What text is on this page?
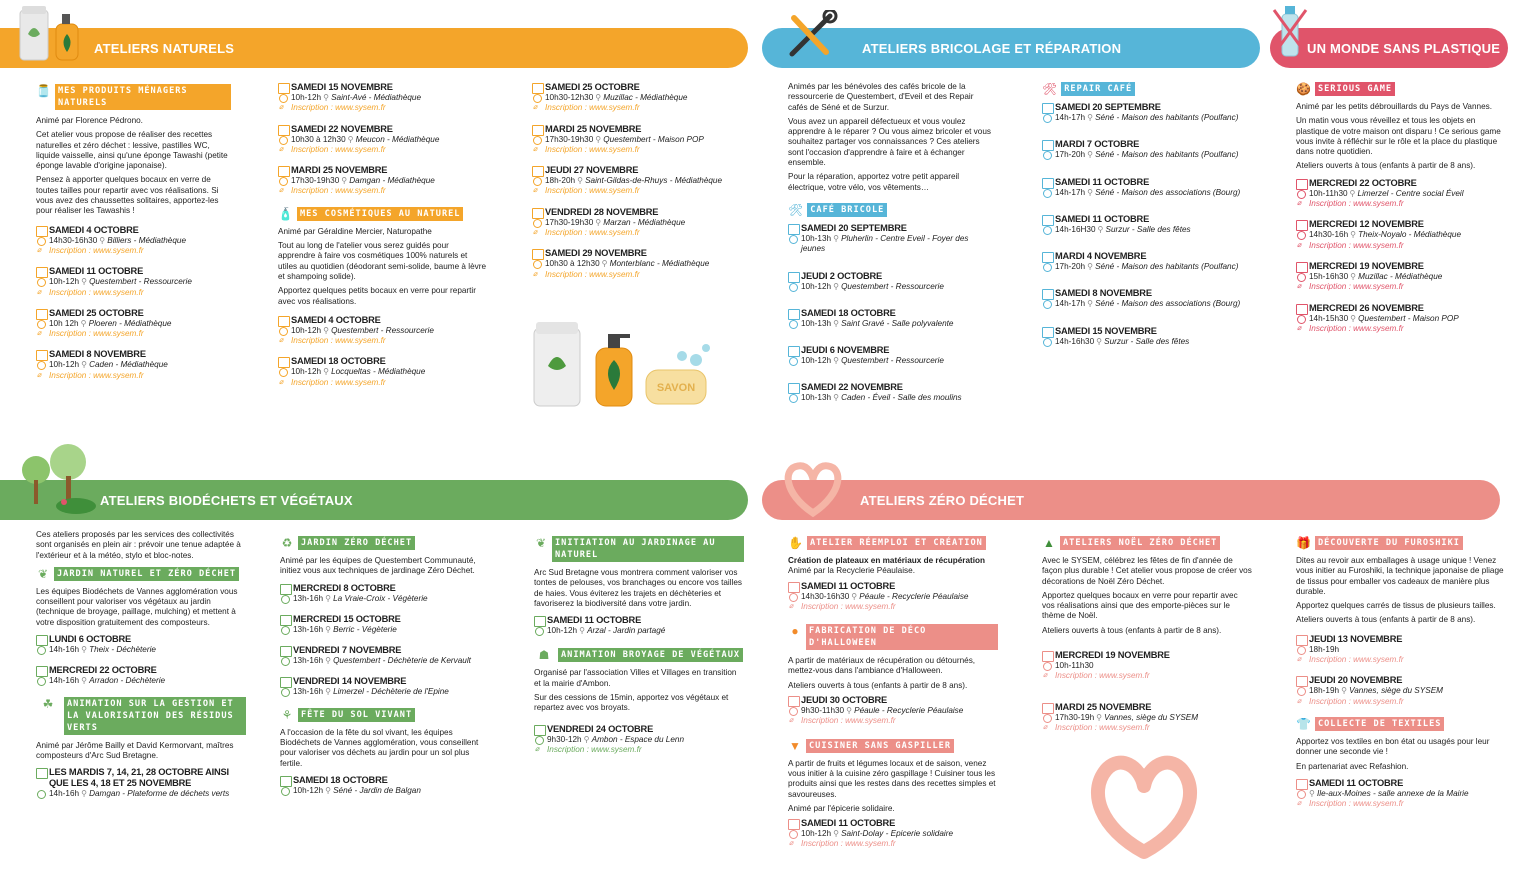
ATELIERS NATURELS	ATELIERS BRICOLAGE ET RÉPARATION	UN MONDE SANS PLASTIQUE
ATELIERS BIODÉCHETS ET VÉGÉTAUX	ATELIERS ZÉRO DÉCHET
🫙 MES PRODUITS MÉNAGERS NATURELS
Animé par Florence Pédrono.
Cet atelier vous propose de réaliser des recettes naturelles et zéro déchet : lessive, pastilles WC, liquide vaisselle, ainsi qu'une éponge Tawashi (petite éponge lavable d'origine japonaise).
Pensez à apporter quelques bocaux en verre de toutes tailles pour repartir avec vos réalisations. Si vous avez des chaussettes solitaires, apportez-les pour réaliser les Tawashis !
SAMEDI 4 OCTOBRE
14h30-16h30 ⚲ Billiers - Médiathèque
⌀ Inscription : www.sysem.fr
SAMEDI 11 OCTOBRE
10h-12h ⚲ Questembert - Ressourcerie
⌀ Inscription : www.sysem.fr
SAMEDI 25 OCTOBRE
10h 12h ⚲ Ploeren - Médiathèque
⌀ Inscription : www.sysem.fr
SAMEDI 8 NOVEMBRE
10h-12h ⚲ Caden - Médiathèque
⌀ Inscription : www.sysem.fr
SAMEDI 15 NOVEMBRE
10h-12h ⚲ Saint-Avé - Médiathèque
⌀ Inscription : www.sysem.fr
SAMEDI 22 NOVEMBRE
10h30 à 12h30 ⚲ Meucon - Médiathèque
⌀ Inscription : www.sysem.fr
MARDI 25 NOVEMBRE
17h30-19h30 ⚲ Damgan - Médiathèque
⌀ Inscription : www.sysem.fr
🧴 MES COSMÉTIQUES AU NATUREL
Animé par Géraldine Mercier, Naturopathe
Tout au long de l'atelier vous serez guidés pour apprendre à faire vos cosmétiques 100% naturels et utiles au quotidien (déodorant semi-solide, baume à lèvre et shampoing solide).
Apportez quelques petits bocaux en verre pour repartir avec vos réalisations.
SAMEDI 4 OCTOBRE
10h-12h ⚲ Questembert - Ressourcerie
⌀ Inscription : www.sysem.fr
SAMEDI 18 OCTOBRE
10h-12h ⚲ Locqueltas - Médiathèque
⌀ Inscription : www.sysem.fr
SAMEDI 25 OCTOBRE
10h30-12h30 ⚲ Muzillac - Médiathèque
⌀ Inscription : www.sysem.fr
MARDI 25 NOVEMBRE
17h30-19h30 ⚲ Questembert - Maison POP
⌀ Inscription : www.sysem.fr
JEUDI 27 NOVEMBRE
18h-20h ⚲ Saint-Gildas-de-Rhuys - Médiathèque
⌀ Inscription : www.sysem.fr
VENDREDI 28 NOVEMBRE
17h30-19h30 ⚲ Marzan - Médiathèque
⌀ Inscription : www.sysem.fr
SAMEDI 29 NOVEMBRE
10h30 à 12h30 ⚲ Monterblanc - Médiathèque
⌀ Inscription : www.sysem.fr
SAVON
Animés par les bénévoles des cafés bricole de la ressourcerie de Questembert, d'Eveil et des Repair cafés de Séné et de Surzur.
Vous avez un appareil défectueux et vous voulez apprendre à le réparer ? Ou vous aimez bricoler et vous souhaitez partager vos connaissances ? Ces ateliers sont l'occasion d'apprendre à faire et à échanger ensemble.
Pour la réparation, apportez votre petit appareil électrique, votre vélo, vos vêtements…
🛠 CAFÉ BRICOLE
SAMEDI 20 SEPTEMBRE
10h-13h ⚲ Pluherlin - Centre Eveil - Foyer des jeunes
JEUDI 2 OCTOBRE
10h-12h ⚲ Questembert - Ressourcerie
SAMEDI 18 OCTOBRE
10h-13h ⚲ Saint Gravé - Salle polyvalente
JEUDI 6 NOVEMBRE
10h-12h ⚲ Questembert - Ressourcerie
SAMEDI 22 NOVEMBRE
10h-13h ⚲ Caden - Éveil - Salle des moulins
🛠 REPAIR CAFÉ
SAMEDI 20 SEPTEMBRE
14h-17h ⚲ Séné - Maison des habitants (Poulfanc)
MARDI 7 OCTOBRE
17h-20h ⚲ Séné - Maison des habitants (Poulfanc)
SAMEDI 11 OCTOBRE
14h-17h ⚲ Séné - Maison des associations (Bourg)
SAMEDI 11 OCTOBRE
14h-16H30 ⚲ Surzur - Salle des fêtes
MARDI 4 NOVEMBRE
17h-20h ⚲ Séné - Maison des habitants (Poulfanc)
SAMEDI 8 NOVEMBRE
14h-17h ⚲ Séné - Maison des associations (Bourg)
SAMEDI 15 NOVEMBRE
14h-16h30 ⚲ Surzur - Salle des fêtes
🍪 SERIOUS GAME
Animé par les petits débrouillards du Pays de Vannes.
Un matin vous vous réveillez et tous les objets en plastique de votre maison ont disparu ! Ce serious game vous invite à réfléchir sur le rôle et la place du plastique dans notre quotidien.
Ateliers ouverts à tous (enfants à partir de 8 ans).
MERCREDI 22 OCTOBRE
10h-11h30 ⚲ Limerzel - Centre social Éveil
⌀ Inscription : www.sysem.fr
MERCREDI 12 NOVEMBRE
14h30-16h ⚲ Theix-Noyalo - Médiathèque
⌀ Inscription : www.sysem.fr
MERCREDI 19 NOVEMBRE
15h-16h30 ⚲ Muzillac - Médiathèque
⌀ Inscription : www.sysem.fr
MERCREDI 26 NOVEMBRE
14h-15h30 ⚲ Questembert - Maison POP
⌀ Inscription : www.sysem.fr
Ces ateliers proposés par les services des collectivités sont organisés en plein air : prévoir une tenue adaptée à l'extérieur et à la météo, stylo et bloc-notes.
❦	JARDIN NATUREL ET ZÉRO DÉCHET
Les équipes Biodéchets de Vannes agglomération vous conseillent pour valoriser vos végétaux au jardin (technique de broyage, paillage, mulching) et mettent à votre disposition gratuitement des composteurs.
LUNDI 6 OCTOBRE
14h-16h ⚲ Theix - Déchèterie
MERCREDI 22 OCTOBRE
14h-16h ⚲ Arradon - Déchèterie
☘	ANIMATION SUR LA GESTION ET LA VALORISATION DES RÉSIDUS VERTS
Animé par Jérôme Bailly et David Kermorvant, maîtres composteurs d'Arc Sud Bretagne.
LES MARDIS 7, 14, 21, 28 OCTOBRE AINSI QUE LES 4, 18 ET 25 NOVEMBRE
14h-16h ⚲ Damgan - Plateforme de déchets verts
♻	JARDIN ZÉRO DÉCHET
Animé par les équipes de Questembert Communauté, initiez vous aux techniques de jardinage Zéro Déchet.
MERCREDI 8 OCTOBRE
13h-16h ⚲ La Vraie-Croix - Végèterie
MERCREDI 15 OCTOBRE
13h-16h ⚲ Berric - Végèterie
VENDREDI 7 NOVEMBRE
13h-16h ⚲ Questembert - Déchèterie de Kervault
VENDREDI 14 NOVEMBRE
13h-16h ⚲ Limerzel - Déchèterie de l'Epine
⚘	FÊTE DU SOL VIVANT
A l'occasion de la fête du sol vivant, les équipes Biodéchets de Vannes agglomération, vous conseillent pour valoriser vos déchets au jardin pour un sol plus fertile.
SAMEDI 18 OCTOBRE
10h-12h ⚲ Séné - Jardin de Balgan
❦	INITIATION AU JARDINAGE AU NATUREL
Arc Sud Bretagne vous montrera comment valoriser vos tontes de pelouses, vos branchages ou encore vos tailles de haies. Vous éviterez les trajets en déchèteries et favoriserez la biodiversité dans votre jardin.
SAMEDI 11 OCTOBRE
10h-12h ⚲ Arzal - Jardin partagé
☗	ANIMATION BROYAGE DE VÉGÉTAUX
Organisé par l'association Villes et Villages en transition et la mairie d'Ambon.
Sur des cessions de 15min, apportez vos végétaux et repartez avec vos broyats.
VENDREDI 24 OCTOBRE
9h30-12h ⚲ Ambon - Espace du Lenn
⌀ Inscription : www.sysem.fr
✋ ATELIER RÉEMPLOI ET CRÉATION
Création de plateaux en matériaux de récupération
Animé par la Recyclerie Péaulaise.
SAMEDI 11 OCTOBRE
14h30-16h30 ⚲ Péaule - Recyclerie Péaulaise
⌀ Inscription : www.sysem.fr
●	FABRICATION DE DÉCO D'HALLOWEEN
A partir de matériaux de récupération ou détournés, mettez-vous dans l'ambiance d'Halloween.
Ateliers ouverts à tous (enfants à partir de 8 ans).
JEUDI 30 OCTOBRE
9h30-11h30 ⚲ Péaule - Recyclerie Péaulaise
⌀ Inscription : www.sysem.fr
▼ CUISINER SANS GASPILLER
A partir de fruits et légumes locaux et de saison, venez vous initier à la cuisine zéro gaspillage ! Cuisiner tous les produits ainsi que les restes dans des recettes simples et savoureuses.
Animé par l'épicerie solidaire.
SAMEDI 11 OCTOBRE
10h-12h ⚲ Saint-Dolay - Epicerie solidaire
⌀ Inscription : www.sysem.fr
▲ ATELIERS NOËL ZÉRO DÉCHET
Avec le SYSEM, célébrez les fêtes de fin d'année de façon plus durable ! Cet atelier vous propose de créer vos décorations de Noël Zéro Déchet.
Apportez quelques bocaux en verre pour repartir avec vos réalisations ainsi que des emporte-pièces sur le thème de Noël.
Ateliers ouverts à tous (enfants à partir de 8 ans).
MERCREDI 19 NOVEMBRE
10h-11h30
⌀ Inscription : www.sysem.fr
MARDI 25 NOVEMBRE
17h30-19h ⚲ Vannes, siège du SYSEM
⌀ Inscription : www.sysem.fr
🎁 DÉCOUVERTE DU FUROSHIKI
Dites au revoir aux emballages à usage unique ! Venez vous initier au Furoshiki, la technique japonaise de pliage de tissus pour emballer vos cadeaux de manière plus durable.
Apportez quelques carrés de tissus de plusieurs tailles.
Ateliers ouverts à tous (enfants à partir de 8 ans).
JEUDI 13 NOVEMBRE
18h-19h
⌀ Inscription : www.sysem.fr
JEUDI 20 NOVEMBRE
18h-19h ⚲ Vannes, siège du SYSEM
⌀ Inscription : www.sysem.fr
👕 COLLECTE DE TEXTILES
Apportez vos textiles en bon état ou usagés pour leur donner une seconde vie !
En partenariat avec Refashion.
SAMEDI 11 OCTOBRE
⚲ Ile-aux-Moines - salle annexe de la Mairie
⌀ Inscription : www.sysem.fr
